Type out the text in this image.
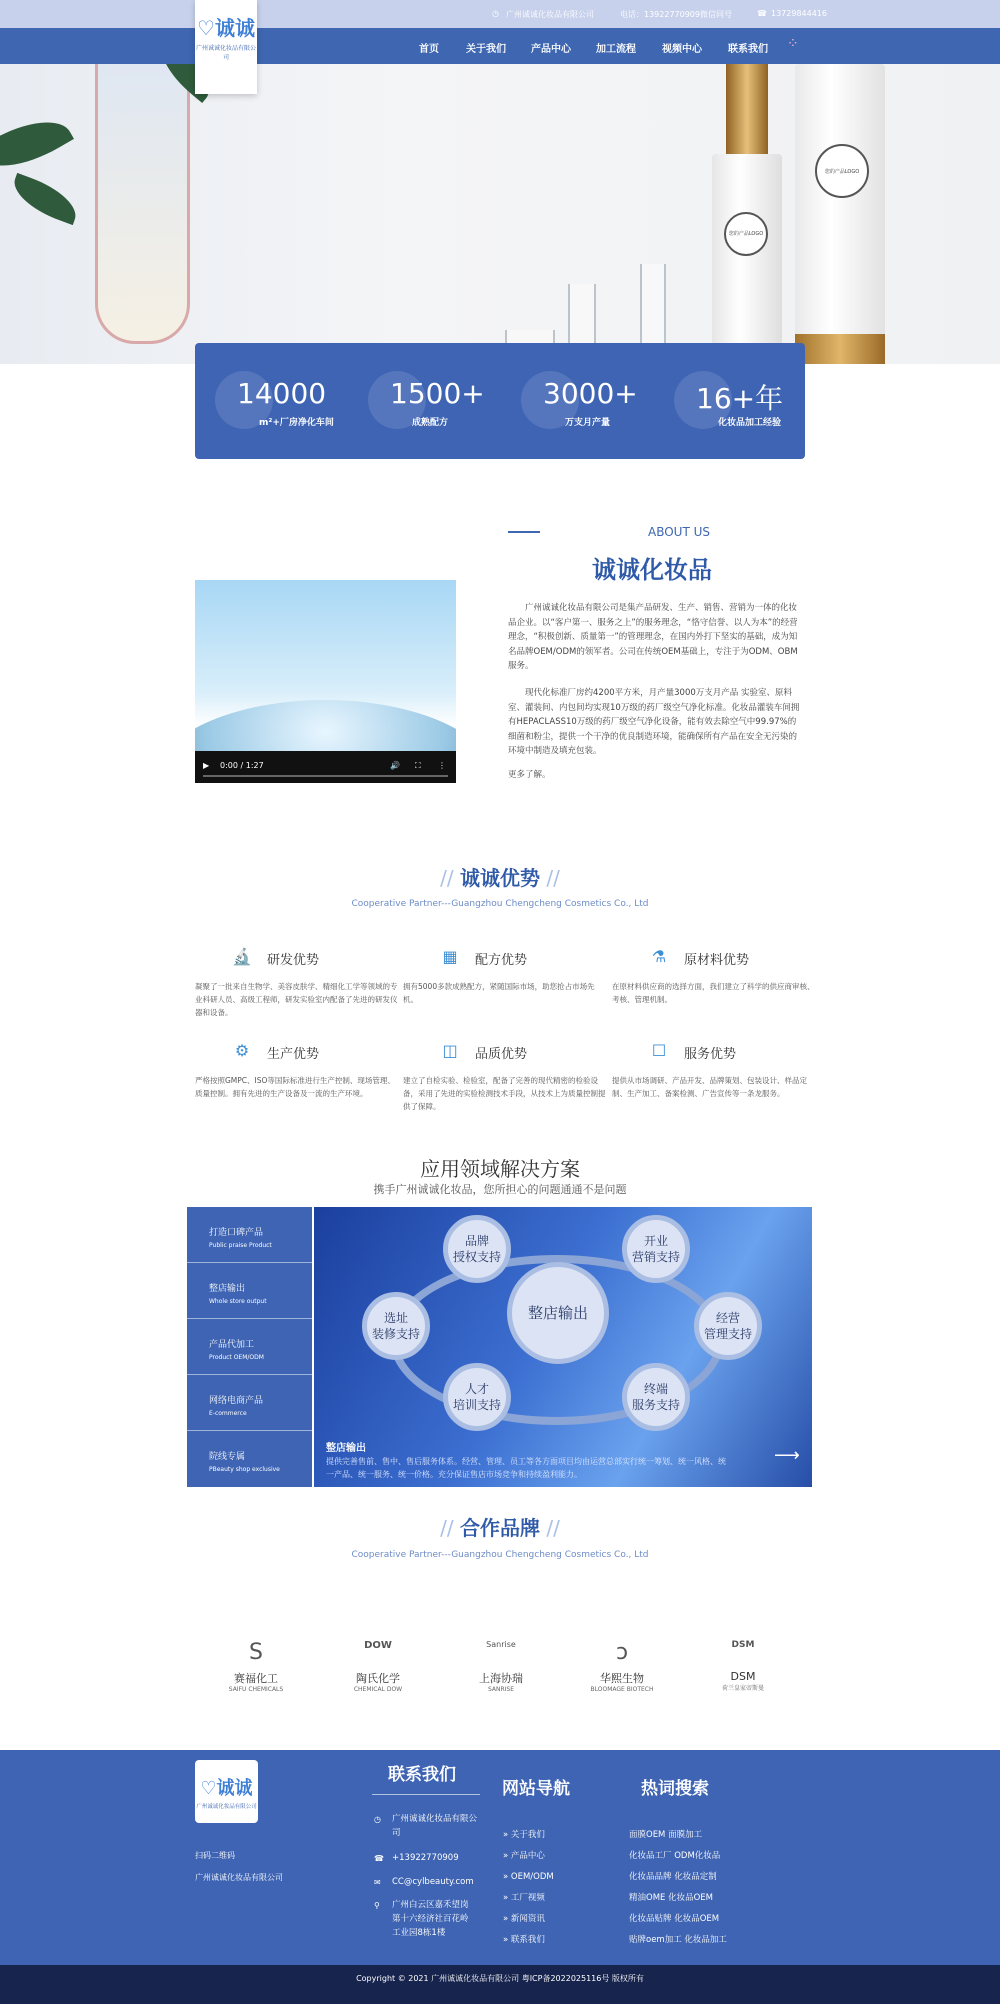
◷ 广州诚诚化妆品有限公司	电话：13922770909微信同号	☎ 13729844416
首页	关于我们	产品中心	加工流程	视频中心	联系我们 ⁘
♡诚诚
广州诚诚化妆品有限公司
您的产品LOGO
您的产品LOGO
14000
m²+厂房净化车间
1500+
成熟配方
3000+
万支月产量
16+年
化妆品加工经验
ABOUT US
诚诚化妆品
▶ 0:00 / 1:27	🔊 ⛶ ⋮
广州诚诚化妆品有限公司是集产品研发、生产、销售、营销为一体的化妆品企业。以“客户第一、服务之上”的服务理念，“恪守信誉、以人为本”的经营理念，“积极创新、质量第一”的管理理念，在国内外打下坚实的基础，成为知名品牌OEM/ODM的领军者。公司在传统OEM基础上，专注于为ODM、OBM服务。
现代化标准厂房约4200平方米，月产量3000万支月产品 实验室、原料室、灌装间、内包间均实现10万级的药厂级空气净化标准。化妆品灌装车间拥有HEPACLASS10万级的药厂级空气净化设备，能有效去除空气中99.97%的细菌和粉尘，提供一个干净的优良制造环境，能确保所有产品在安全无污染的环境中制造及填充包装。
更多了解。
// 诚诚优势 //
Cooperative Partner---Guangzhou Chengcheng Cosmetics Co., Ltd
🔬 研发优势
凝聚了一批来自生物学、美容皮肤学、精细化工学等领域的专业科研人员、高级工程师，研发实验室内配备了先进的研发仪器和设备。
▦ 配方优势
拥有5000多款成熟配方，紧随国际市场，助您抢占市场先机。
⚗ 原材料优势
在原材料供应商的选择方面，我们建立了科学的供应商审核、考核、管理机制。
⚙ 生产优势
严格按照GMPC、ISO等国际标准进行生产控制、现场管理、质量控制。拥有先进的生产设备及一流的生产环境。
◫ 品质优势
建立了自检实验、检验室，配备了完善的现代精密的检验设备，采用了先进的实验检测技术手段，从技术上为质量控制提供了保障。
☐ 服务优势
提供从市场调研、产品开发、品牌策划、包装设计、样品定制、生产加工、备案检测、广告宣传等一条龙服务。
应用领域解决方案
携手广州诚诚化妆品，您所担心的问题通通不是问题
打造口碑产品
Public praise Product
整店输出
Whole store output
产品代加工
Product OEM/ODM
网络电商产品
E-commerce
院线专属
PBeauty shop exclusive
整店输出
品牌
授权支持
开业
营销支持
选址
装修支持
经营
管理支持
人才
培训支持
终端
服务支持
整店输出
提供完善售前、售中、售后服务体系。经营、管理、员工等各方面项目均由运营总部实行统一筹划、统一风格、统一产品、统一服务、统一价格。充分保证售店市场竞争和持续盈利能力。
⟶
// 合作品牌 //
Cooperative Partner---Guangzhou Chengcheng Cosmetics Co., Ltd
S
赛福化工
SAIFU CHEMICALS
DOW
陶氏化学
CHEMICAL DOW
Sanrise
上海协瑞
SANRISE
ɔ
华熙生物
BLOOMAGE BIOTECH
DSM
DSM
荷兰皇家帝斯曼
♡诚诚
广州诚诚化妆品有限公司
扫码二维码
广州诚诚化妆品有限公司
联系我们
◷ 广州诚诚化妆品有限公司
☎ +13922770909
✉ CC@cylbeauty.com
⚲ 广州白云区嘉禾望岗第十六经济社百花岭工业园8栋1楼
网站导航
» 关于我们
» 产品中心
» OEM/ODM
» 工厂视频
» 新闻资讯
» 联系我们
热词搜索
面膜OEM 面膜加工
化妆品工厂 ODM化妆品
化妆品品牌 化妆品定制
精油OME 化妆品OEM
化妆品贴牌 化妆品OEM
贴牌oem加工 化妆品加工
Copyright © 2021 广州诚诚化妆品有限公司 粤ICP备2022025116号 版权所有
